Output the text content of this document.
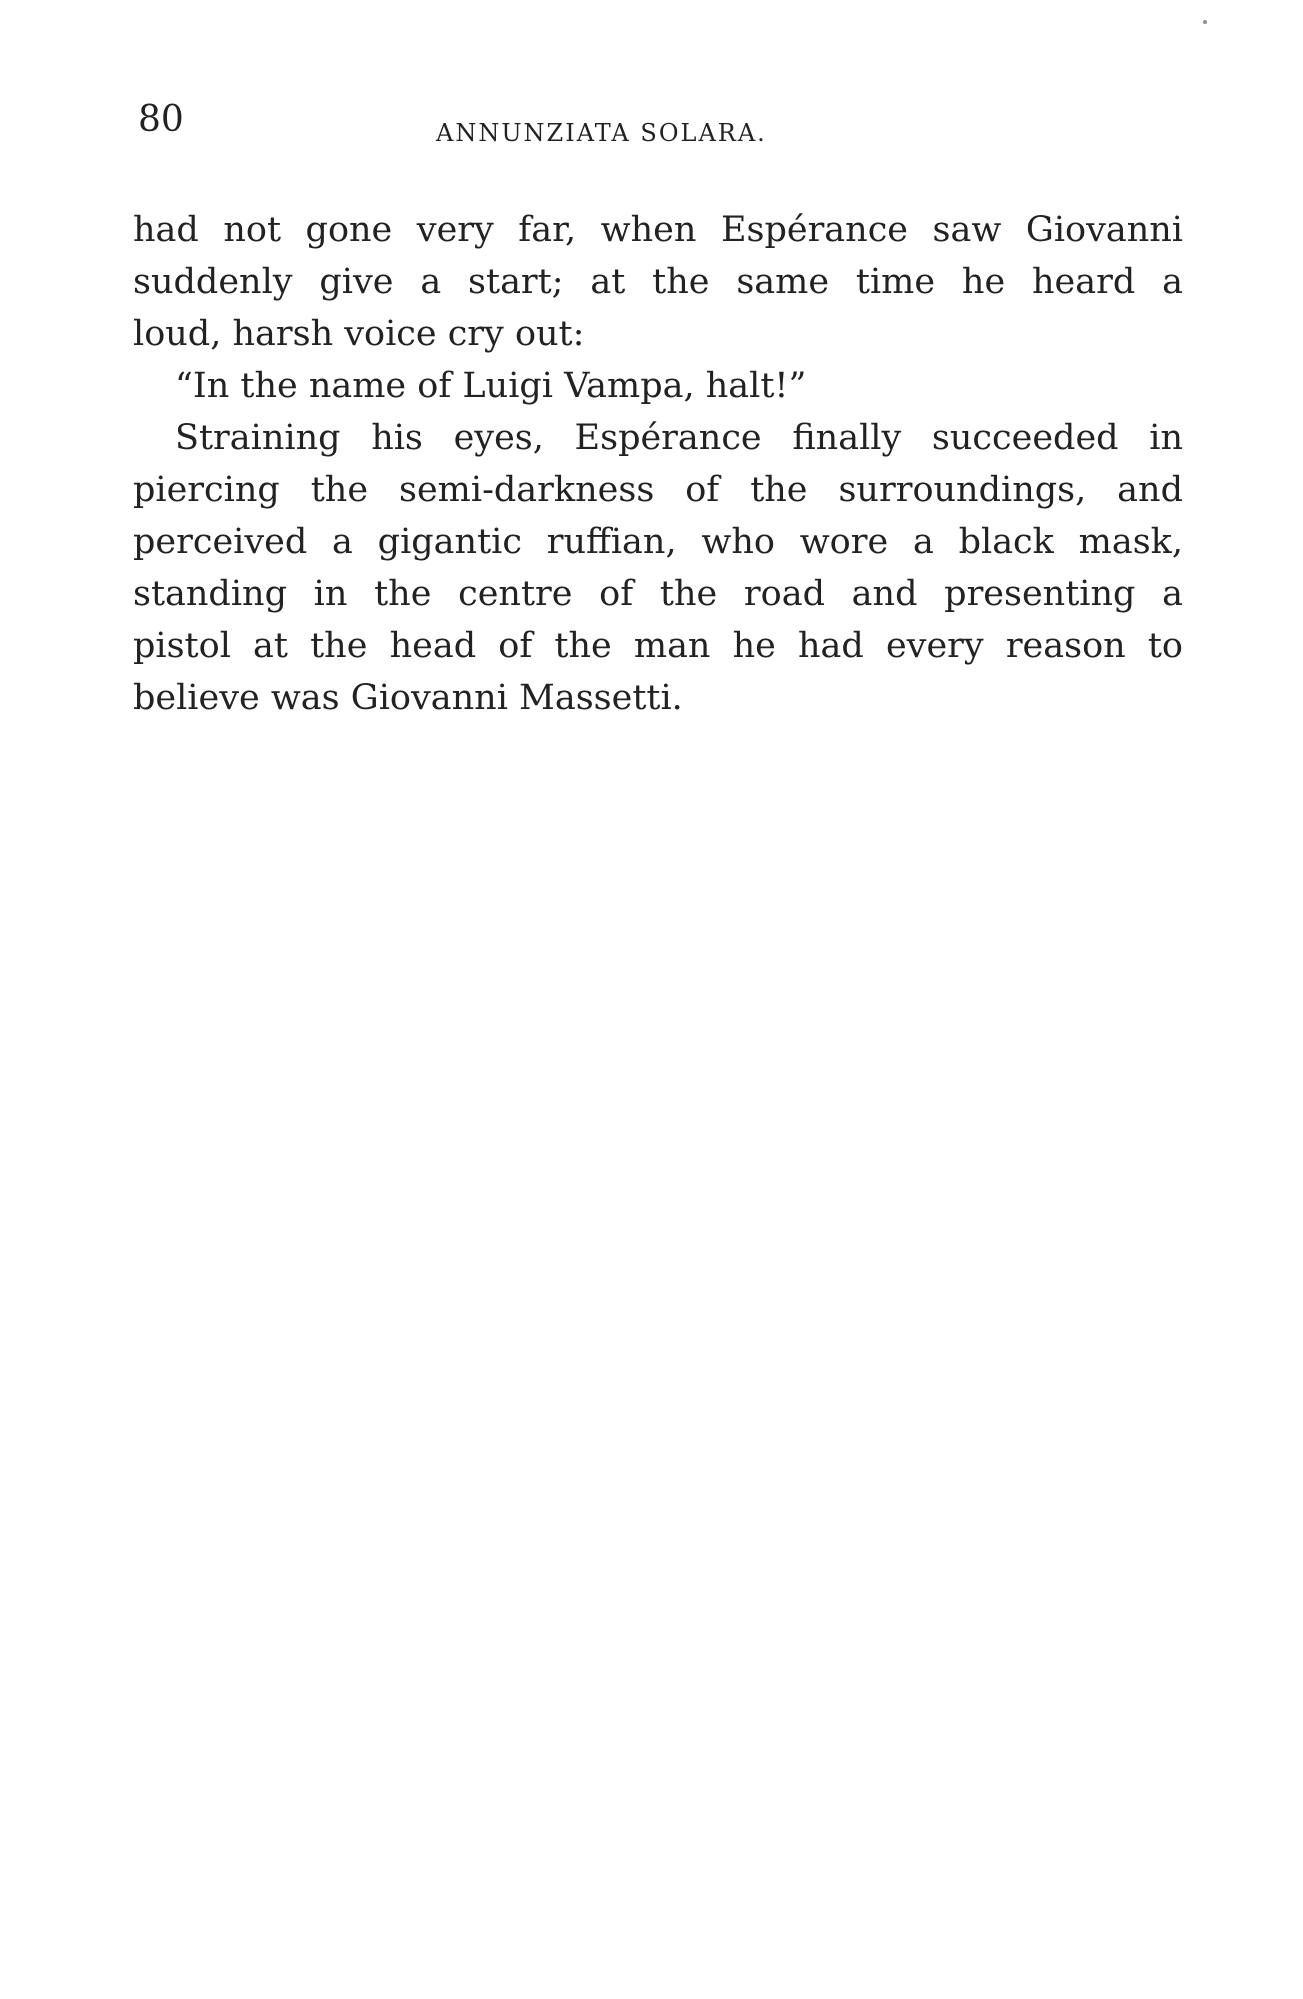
80	ANNUNZIATA SOLARA.
had not gone very far, when Espérance saw Giovanni
suddenly give a start; at the same time he heard a
loud, harsh voice cry out:
“In the name of Luigi Vampa, halt!”
Straining his eyes, Espérance finally succeeded in
piercing the semi-darkness of the surroundings, and
perceived a gigantic ruffian, who wore a black mask,
standing in the centre of the road and presenting a
pistol at the head of the man he had every reason to
believe was Giovanni Massetti.
